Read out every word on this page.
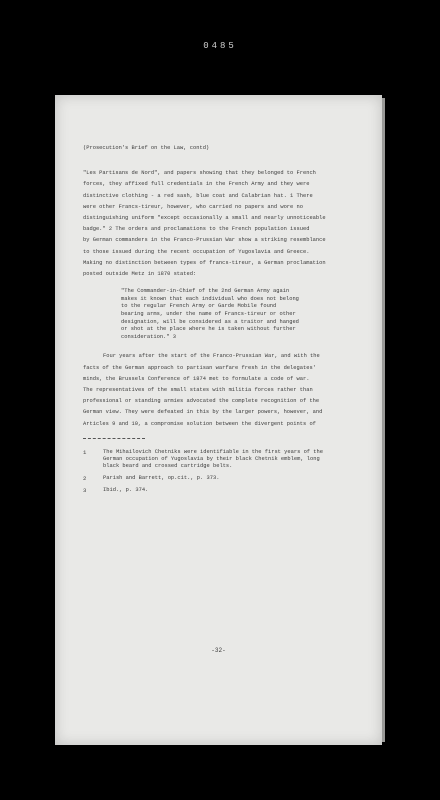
0485

(Prosecution's Brief on the Law, contd)

"Les Partisans de Nord", and papers showing that they belonged to French

forces, they affixed full credentials in the French Army and they were

distinctive clothing - a red sash, blue coat and Calabrian hat. 1 There

were other Francs-tireur, however, who carried no papers and wore no

distinguishing uniform "except occasionally a small and nearly unnoticeable

badge." 2 The orders and proclamations to the French population issued

by German commanders in the Franco-Prussian War show a striking resemblance

to those issued during the recent occupation of Yugoslavia and Greece.

Making no distinction between types of francs-tireur, a German proclamation

posted outside Metz in 1870 stated:

"The Commander-in-Chief of the 2nd German Army again

makes it known that each individual who does not belong

to the regular French Army or Garde Mobile found

bearing arms, under the name of Francs-tireur or other

designation, will be considered as a traitor and hanged

or shot at the place where he is taken without further

consideration." 3

Four years after the start of the Franco-Prussian War, and with the

facts of the German approach to partisan warfare fresh in the delegates'

minds, the Brussels Conference of 1874 met to formulate a code of war.

The representatives of the small states with militia forces rather than

professional or standing armies advocated the complete recognition of the

German view. They were defeated in this by the larger powers, however, and

Articles 9 and 10, a compromise solution between the divergent points of

1	The Mihailovich Chetniks were identifiable in the first years of the

German occupation of Yugoslavia by their black Chetnik emblem, long

black beard and crossed cartridge belts.

2	Parish and Barrett, op.cit., p. 373.

3	Ibid., p. 374.

-32-
